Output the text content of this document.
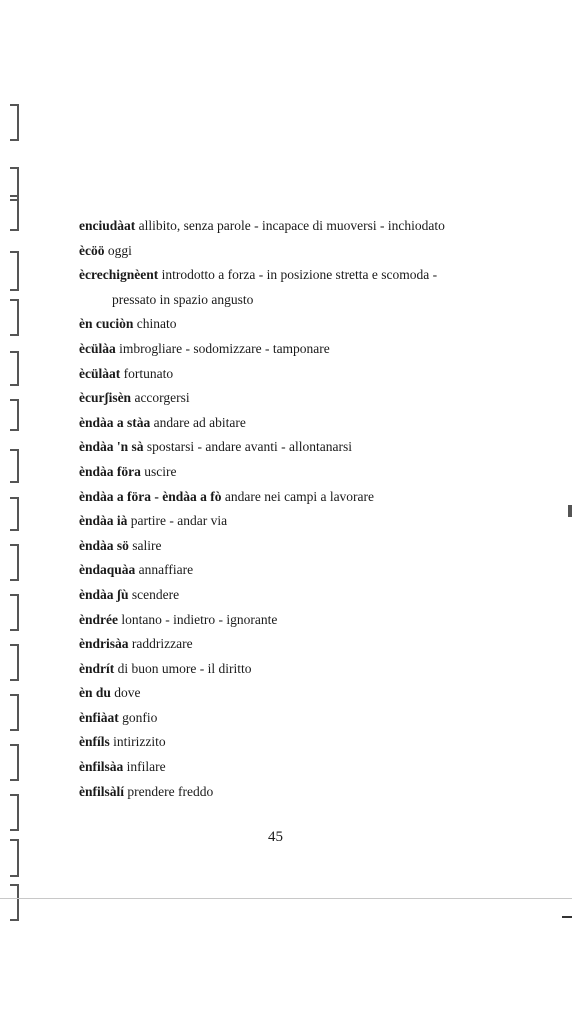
enciudàat allibito, senza parole - incapace di muoversi - inchiodato
ècöö oggi
ècrechignèent introdotto a forza - in posizione stretta e scomoda -
pressato in spazio angusto
èn cuciòn chinato
ècülàa imbrogliare - sodomizzare - tamponare
ècülàat fortunato
ècurʃisèn accorgersi
èndàa a stàa andare ad abitare
èndàa 'n sà spostarsi - andare avanti - allontanarsi
èndàa föra uscire
èndàa a föra - èndàa a fò andare nei campi a lavorare
èndàa ià partire - andar via
èndàa sö salire
èndaquàa annaffiare
èndàa ʃù scendere
èndrée lontano - indietro - ignorante
èndrisàa raddrizzare
èndrít di buon umore - il diritto
èn du dove
ènfiàat gonfio
ènfíls intirizzito
ènfilsàa infilare
ènfilsàlí prendere freddo
45
